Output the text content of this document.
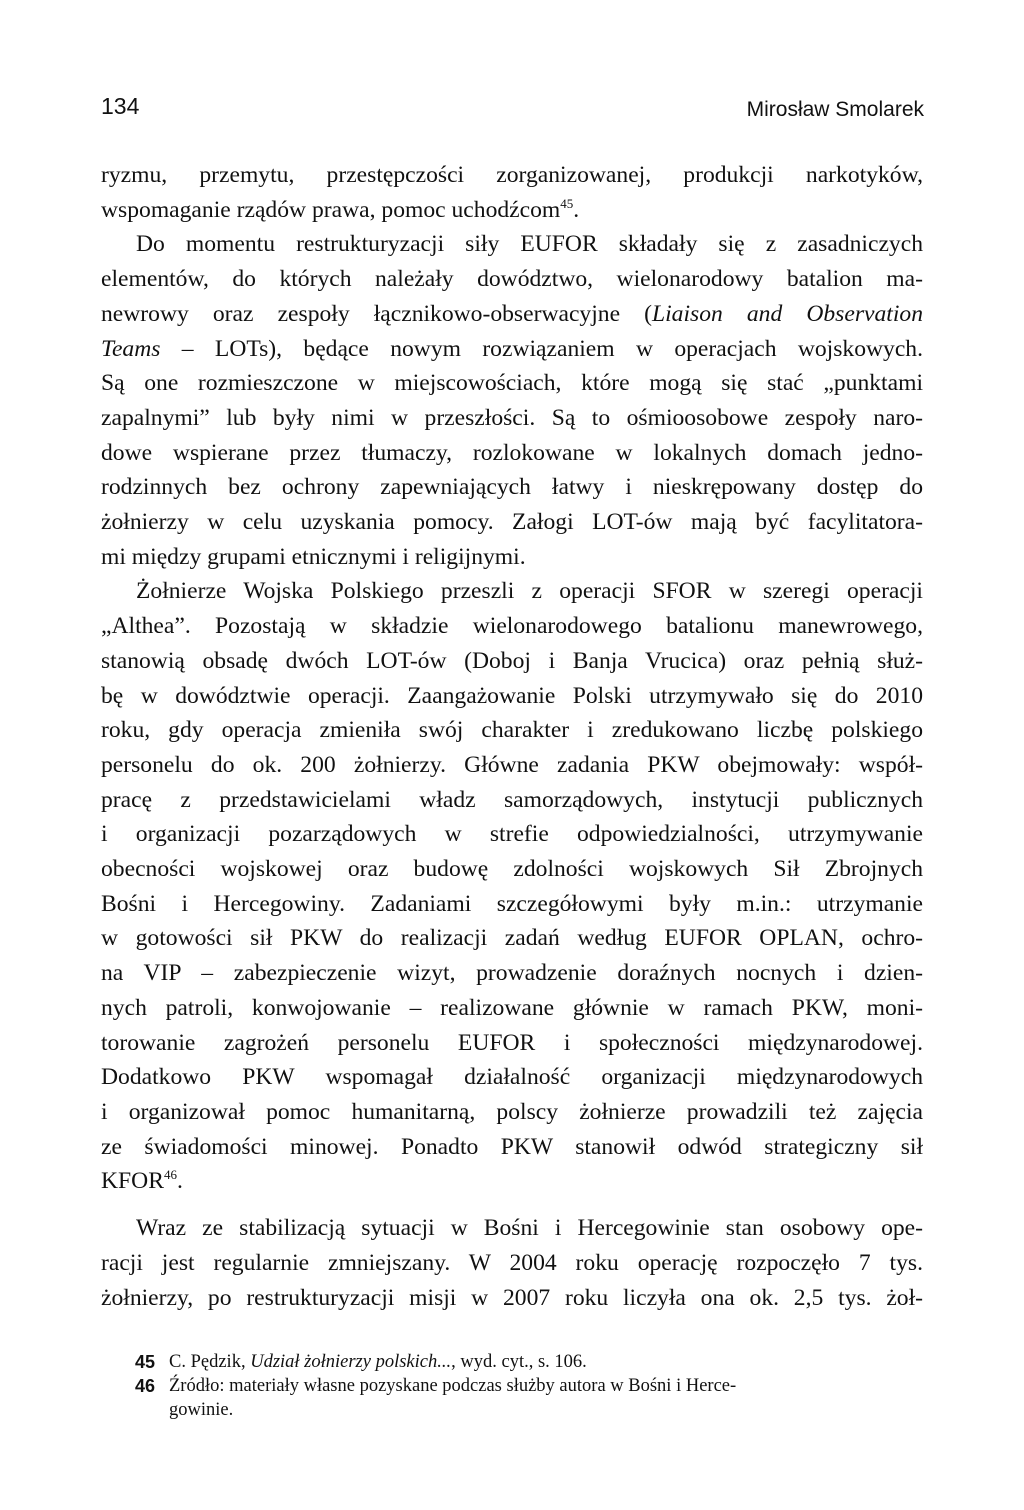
134	Mirosław Smolarek

ryzmu, przemytu, przestępczości zorganizowanej, produkcji narkotyków,
wspomaganie rządów prawa, pomoc uchodźcom$^{45}$.

Do momentu restrukturyzacji siły EUFOR składały się z zasadniczych
elementów, do których należały dowództwo, wielonarodowy batalion ma-
newrowy oraz zespoły łącznikowo-obserwacyjne (Liaison and Observation
Teams – LOTs), będące nowym rozwiązaniem w operacjach wojskowych.
Są one rozmieszczone w miejscowościach, które mogą się stać „punktami
zapalnymi” lub były nimi w przeszłości. Są to ośmioosobowe zespoły naro-
dowe wspierane przez tłumaczy, rozlokowane w lokalnych domach jedno-
rodzinnych bez ochrony zapewniających łatwy i nieskrępowany dostęp do
żołnierzy w celu uzyskania pomocy. Załogi LOT-ów mają być facylitatora-
mi między grupami etnicznymi i religijnymi.

Żołnierze Wojska Polskiego przeszli z operacji SFOR w szeregi operacji
„Althea”. Pozostają w składzie wielonarodowego batalionu manewrowego,
stanowią obsadę dwóch LOT-ów (Doboj i Banja Vrucica) oraz pełnią służ-
bę w dowództwie operacji. Zaangażowanie Polski utrzymywało się do 2010
roku, gdy operacja zmieniła swój charakter i zredukowano liczbę polskiego
personelu do ok. 200 żołnierzy. Główne zadania PKW obejmowały: współ-
pracę z przedstawicielami władz samorządowych, instytucji publicznych
i organizacji pozarządowych w strefie odpowiedzialności, utrzymywanie
obecności wojskowej oraz budowę zdolności wojskowych Sił Zbrojnych
Bośni i Hercegowiny. Zadaniami szczegółowymi były m.in.: utrzymanie
w gotowości sił PKW do realizacji zadań według EUFOR OPLAN, ochro-
na VIP – zabezpieczenie wizyt, prowadzenie doraźnych nocnych i dzien-
nych patroli, konwojowanie – realizowane głównie w ramach PKW, moni-
torowanie zagrożeń personelu EUFOR i społeczności międzynarodowej.
Dodatkowo PKW wspomagał działalność organizacji międzynarodowych
i organizował pomoc humanitarną, polscy żołnierze prowadzili też zajęcia
ze świadomości minowej. Ponadto PKW stanowił odwód strategiczny sił
KFOR$^{46}$.

Wraz ze stabilizacją sytuacji w Bośni i Hercegowinie stan osobowy ope-
racji jest regularnie zmniejszany. W 2004 roku operację rozpoczęło 7 tys.
żołnierzy, po restrukturyzacji misji w 2007 roku liczyła ona ok. 2,5 tys. żoł-

45 C. Pędzik, Udział żołnierzy polskich..., wyd. cyt., s. 106.
46 Źródło: materiały własne pozyskane podczas służby autora w Bośni i Herce-
gowinie.
